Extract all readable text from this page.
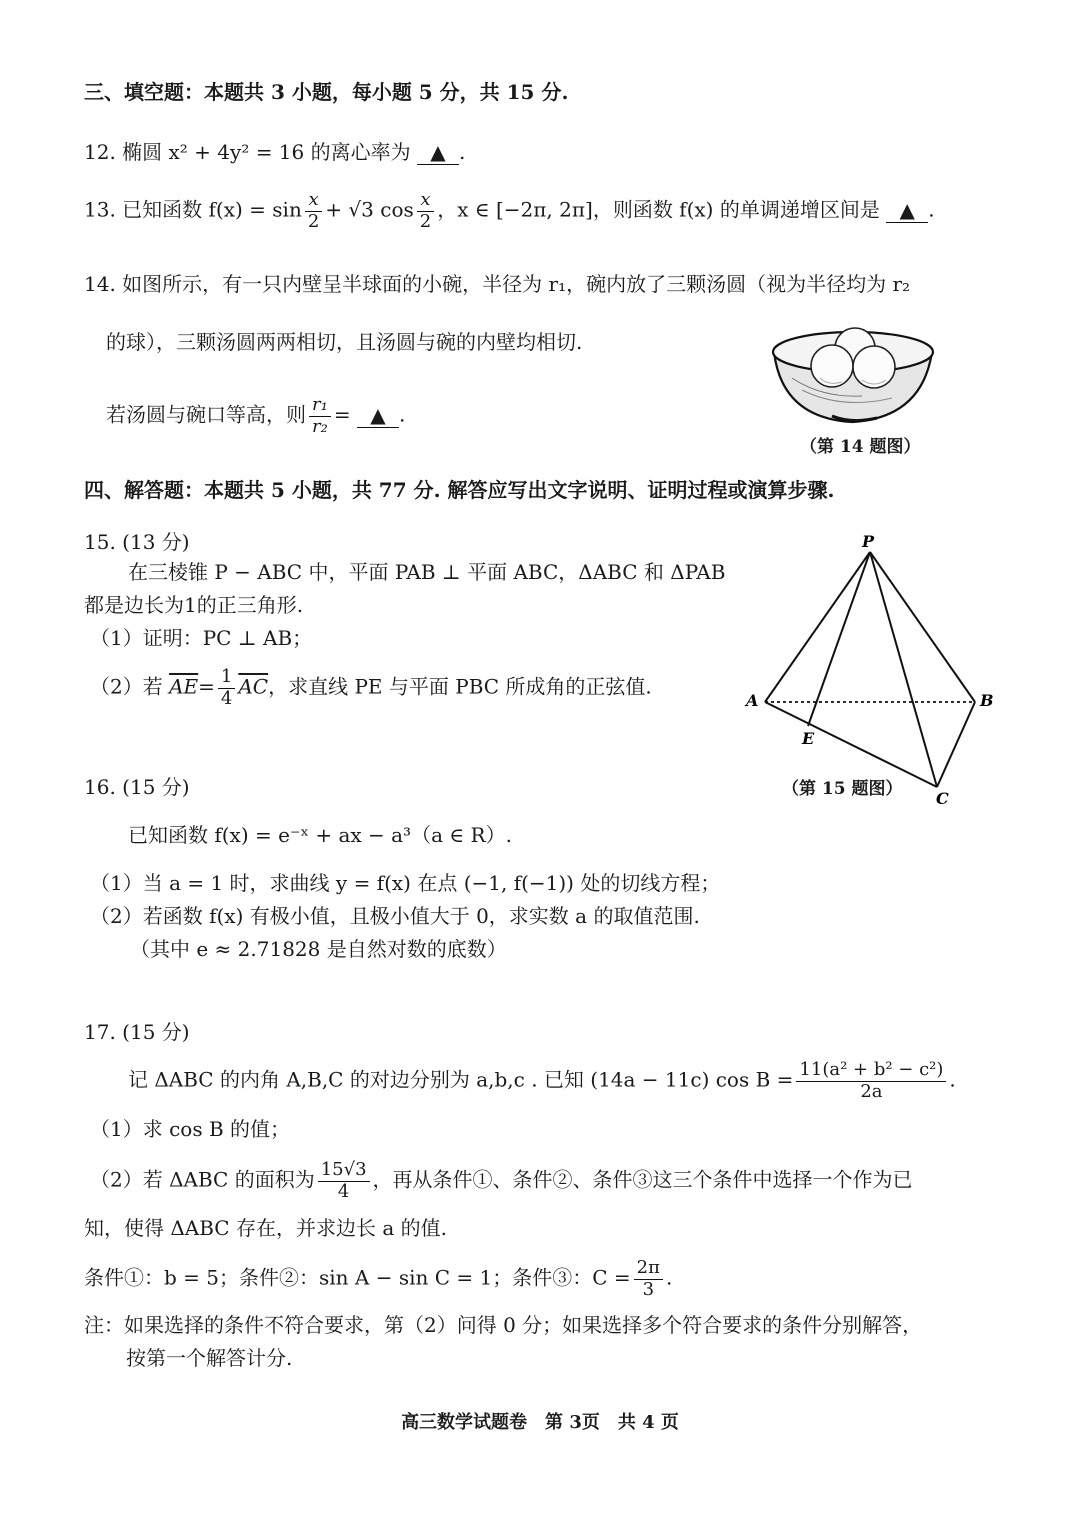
三、填空题：本题共 3 小题，每小题 5 分，共 15 分.
12. 椭圆 x² + 4y² = 16 的离心率为 ▲ .
13. 已知函数 $f(x) = \sin \frac{x}{2} + √3$ $\cos \frac{x}{2}$ ，x ∈ [−2π, 2π]，则函数 f(x) 的单调递增区间是 ▲ .
14. 如图所示，有一只内壁呈半球面的小碗，半径为 r₁，碗内放了三颗汤圆（视为半径均为 r₂
的球），三颗汤圆两两相切，且汤圆与碗的内壁均相切.
若汤圆与碗口等高，则 $\frac{\text{r₁}}{\text{r₂}}$ = ▲ .
（第 14 题图）
四、解答题：本题共 5 小题，共 77 分. 解答应写出文字说明、证明过程或演算步骤.
15. (13 分)
在三棱锥 P − ABC 中，平面 PAB ⊥ 平面 ABC，ΔABC 和 ΔPAB
都是边长为1的正三角形.
（1）证明：PC ⊥ AB；
（2）若 $\overline{AE}= \frac{1}{4} \overline{AC}$，求直线 PE 与平面 PBC 所成角的正弦值.
P
A	B
C
E
（第 15 题图）
16. (15 分)
已知函数 f(x) = e⁻ˣ + ax − a³（a ∈ R）.
（1）当 a = 1 时，求曲线 y = f(x) 在点 (−1, f(−1)) 处的切线方程；
（2）若函数 f(x) 有极小值，且极小值大于 0，求实数 a 的取值范围.
（其中 e ≈ 2.71828 是自然对数的底数）
17. (15 分)
记 ΔABC 的内角 A,B,C 的对边分别为 a,b,c . 已知 (14a − 11c) $\cos B = \frac{\text{11(a² + b² − c²)}}{2a}$ .
（1）求 cos B 的值；
（2）若 ΔABC 的面积为 $\frac{15√3}{4}$ ，再从条件①、条件②、条件③这三个条件中选择一个作为已
知，使得 ΔABC 存在，并求边长 a 的值.
条件①：b = 5；条件②：sin A − sin C = 1；条件③：$C = \frac{2\pi}{3}$ .
注：如果选择的条件不符合要求，第（2）问得 0 分；如果选择多个符合要求的条件分别解答，
按第一个解答计分.
高三数学试题卷　第 3页　共 4 页
